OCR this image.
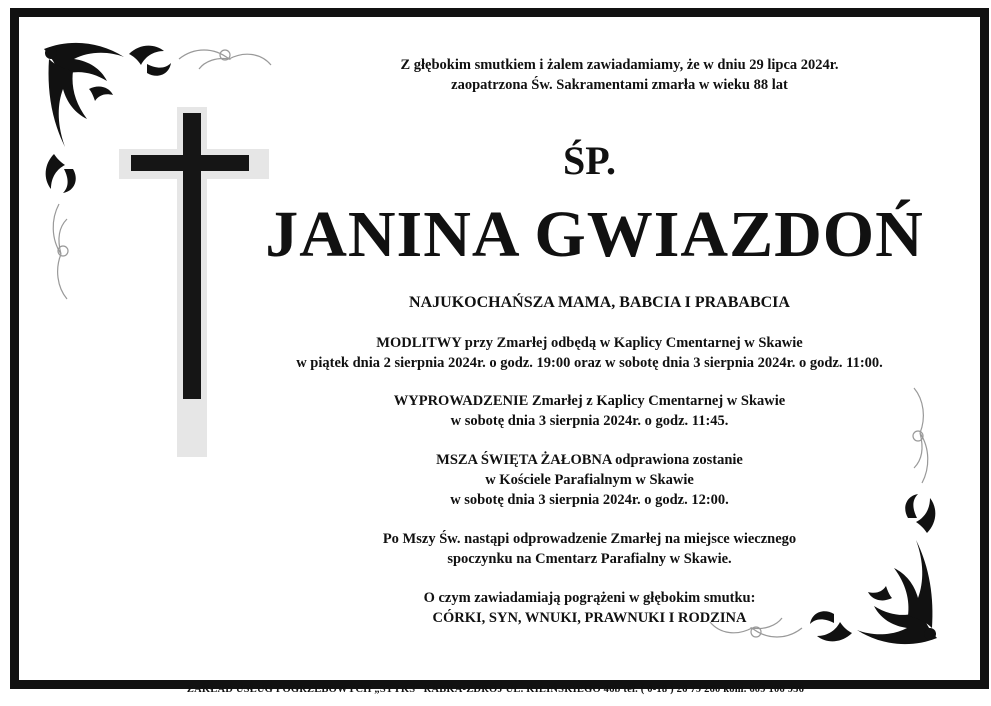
Z głębokim smutkiem i żalem zawiadamiamy, że w dniu 29 lipca 2024r.
zaopatrzona Św. Sakramentami zmarła w wieku 88 lat
ŚP.
JANINA GWIAZDOŃ
NAJUKOCHAŃSZA MAMA, BABCIA I PRABABCIA
MODLITWY przy Zmarłej odbędą w Kaplicy Cmentarnej w Skawie
w piątek dnia 2 sierpnia 2024r. o godz. 19:00 oraz w sobotę dnia 3 sierpnia 2024r. o godz. 11:00.
WYPROWADZENIE Zmarłej z Kaplicy Cmentarnej w Skawie
w sobotę dnia 3 sierpnia 2024r. o godz. 11:45.
MSZA ŚWIĘTA ŻAŁOBNA odprawiona zostanie
w Kościele Parafialnym w Skawie
w sobotę dnia 3 sierpnia 2024r. o godz. 12:00.
Po Mszy Św. nastąpi odprowadzenie Zmarłej na miejsce wiecznego
spoczynku na Cmentarz Parafialny w Skawie.
O czym zawiadamiają pogrążeni w głębokim smutku:
CÓRKI, SYN, WNUKI, PRAWNUKI I RODZINA
ZAKŁAD USŁUG POGRZEBOWYCH „STYKS” RABKA-ZDRÓJ UL. KILIŃSKIEGO 46b tel. ( 0-18 ) 26 79 260 kom. 609 106 956
